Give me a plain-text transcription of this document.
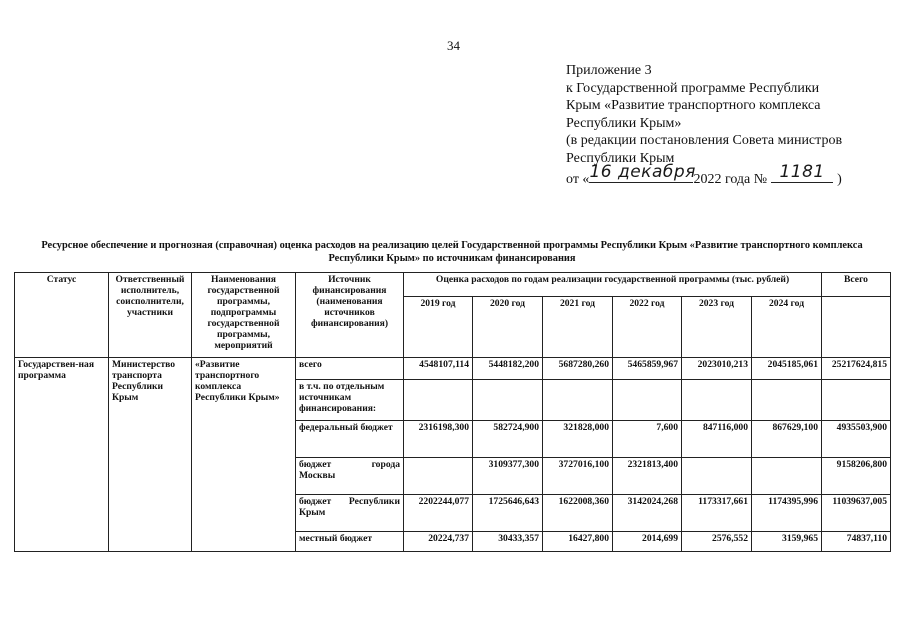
34
Приложение 3
к Государственной программе Республики
Крым «Развитие транспортного комплекса
Республики Крым»
(в редакции постановления Совета министров
Республики Крым
от « 16 декабря
2022 года № 1181 )
Ресурсное обеспечение и прогнозная (справочная) оценка расходов на реализацию целей Государственной программы Республики Крым «Развитие транспортного комплекса Республики Крым» по источникам финансирования
Статус	Ответственный исполнитель, соисполнители, участники	Наименования государственной программы, подпрограммы государственной программы, мероприятий	Источник финансирования (наименования источников финансирования)	Оценка расходов по годам реализации государственной программы (тыс. рублей)						Всего
				2019 год	2020 год	2021 год	2022 год	2023 год	2024 год	
Государствен-ная программа	Министерство транспорта Республики Крым	«Развитие транспортного комплекса Республики Крым»	всего	4548107,114	5448182,200	5687280,260	5465859,967	2023010,213	2045185,061	25217624,815
			в т.ч. по отдельным источникам финансирования:							
			федеральный бюджет	2316198,300	582724,900	321828,000	7,600	847116,000	867629,100	4935503,900
			бюджет города Москвы		3109377,300	3727016,100	2321813,400			9158206,800
			бюджет Республики Крым	2202244,077	1725646,643	1622008,360	3142024,268	1173317,661	1174395,996	11039637,005
			местный бюджет	20224,737	30433,357	16427,800	2014,699	2576,552	3159,965	74837,110
